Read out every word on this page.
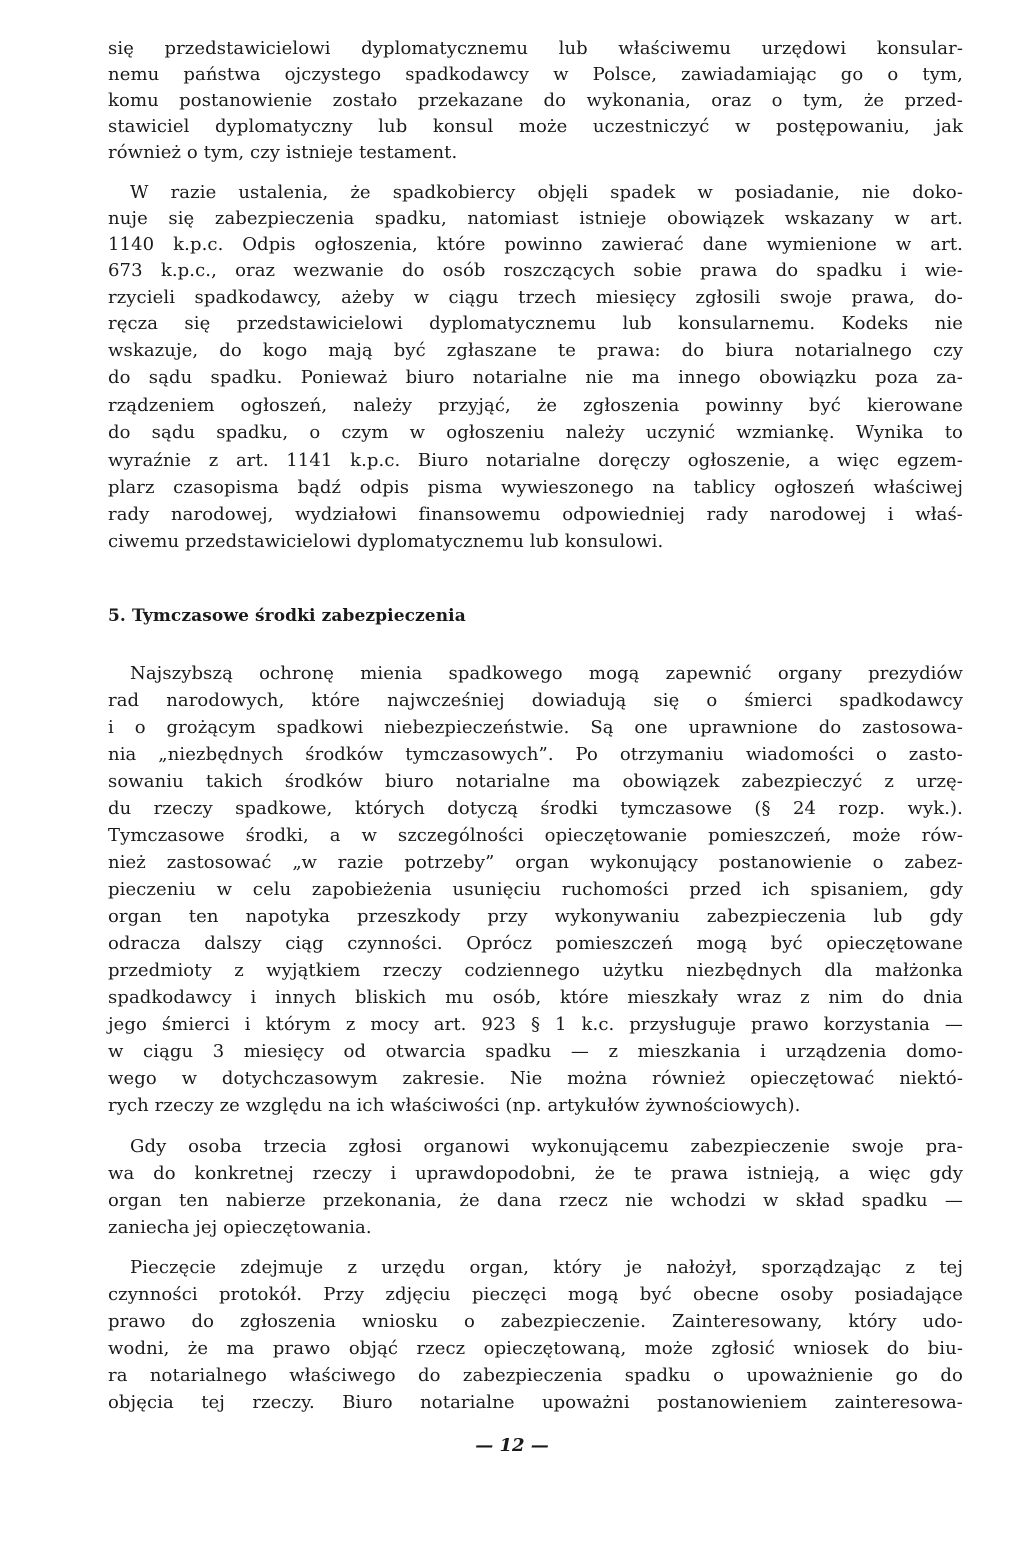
się przedstawicielowi dyplomatycznemu lub właściwemu urzędowi konsular-
nemu państwa ojczystego spadkodawcy w Polsce, zawiadamiając go o tym,
komu postanowienie zostało przekazane do wykonania, oraz o tym, że przed-
stawiciel dyplomatyczny lub konsul może uczestniczyć w postępowaniu, jak
również o tym, czy istnieje testament.
W razie ustalenia, że spadkobiercy objęli spadek w posiadanie, nie doko-
nuje się zabezpieczenia spadku, natomiast istnieje obowiązek wskazany w art.
1140 k.p.c. Odpis ogłoszenia, które powinno zawierać dane wymienione w art.
673 k.p.c., oraz wezwanie do osób roszczących sobie prawa do spadku i wie-
rzycieli spadkodawcy, ażeby w ciągu trzech miesięcy zgłosili swoje prawa, do-
ręcza się przedstawicielowi dyplomatycznemu lub konsularnemu. Kodeks nie
wskazuje, do kogo mają być zgłaszane te prawa: do biura notarialnego czy
do sądu spadku. Ponieważ biuro notarialne nie ma innego obowiązku poza za-
rządzeniem ogłoszeń, należy przyjąć, że zgłoszenia powinny być kierowane
do sądu spadku, o czym w ogłoszeniu należy uczynić wzmiankę. Wynika to
wyraźnie z art. 1141 k.p.c. Biuro notarialne doręczy ogłoszenie, a więc egzem-
plarz czasopisma bądź odpis pisma wywieszonego na tablicy ogłoszeń właściwej
rady narodowej, wydziałowi finansowemu odpowiedniej rady narodowej i właś-
ciwemu przedstawicielowi dyplomatycznemu lub konsulowi.
5. Tymczasowe środki zabezpieczenia
Najszybszą ochronę mienia spadkowego mogą zapewnić organy prezydiów
rad narodowych, które najwcześniej dowiadują się o śmierci spadkodawcy
i o grożącym spadkowi niebezpieczeństwie. Są one uprawnione do zastosowa-
nia „niezbędnych środków tymczasowych”. Po otrzymaniu wiadomości o zasto-
sowaniu takich środków biuro notarialne ma obowiązek zabezpieczyć z urzę-
du rzeczy spadkowe, których dotyczą środki tymczasowe (§ 24 rozp. wyk.).
Tymczasowe środki, a w szczególności opieczętowanie pomieszczeń, może rów-
nież zastosować „w razie potrzeby” organ wykonujący postanowienie o zabez-
pieczeniu w celu zapobieżenia usunięciu ruchomości przed ich spisaniem, gdy
organ ten napotyka przeszkody przy wykonywaniu zabezpieczenia lub gdy
odracza dalszy ciąg czynności. Oprócz pomieszczeń mogą być opieczętowane
przedmioty z wyjątkiem rzeczy codziennego użytku niezbędnych dla małżonka
spadkodawcy i innych bliskich mu osób, które mieszkały wraz z nim do dnia
jego śmierci i którym z mocy art. 923 § 1 k.c. przysługuje prawo korzystania —
w ciągu 3 miesięcy od otwarcia spadku — z mieszkania i urządzenia domo-
wego w dotychczasowym zakresie. Nie można również opieczętować niektó-
rych rzeczy ze względu na ich właściwości (np. artykułów żywnościowych).
Gdy osoba trzecia zgłosi organowi wykonującemu zabezpieczenie swoje pra-
wa do konkretnej rzeczy i uprawdopodobni, że te prawa istnieją, a więc gdy
organ ten nabierze przekonania, że dana rzecz nie wchodzi w skład spadku —
zaniecha jej opieczętowania.
Pieczęcie zdejmuje z urzędu organ, który je nałożył, sporządzając z tej
czynności protokół. Przy zdjęciu pieczęci mogą być obecne osoby posiadające
prawo do zgłoszenia wniosku o zabezpieczenie. Zainteresowany, który udo-
wodni, że ma prawo objąć rzecz opieczętowaną, może zgłosić wniosek do biu-
ra notarialnego właściwego do zabezpieczenia spadku o upoważnienie go do
objęcia tej rzeczy. Biuro notarialne upoważni postanowieniem zainteresowa-
— 12 —
